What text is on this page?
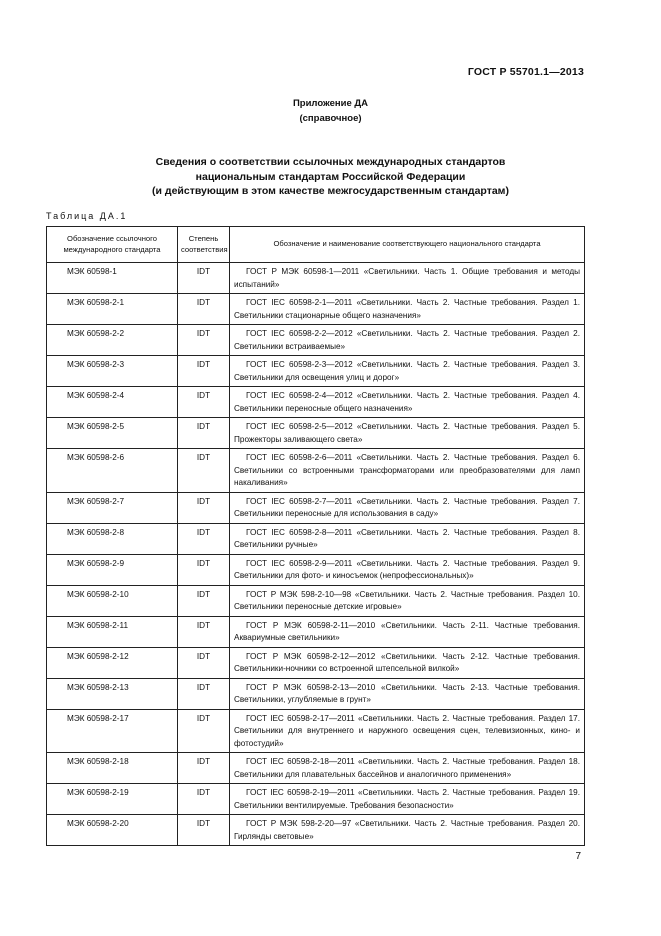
ГОСТ Р 55701.1—2013
Приложение ДА
(справочное)
Сведения о соответствии ссылочных международных стандартов
национальным стандартам Российской Федерации
(и действующим в этом качестве межгосударственным стандартам)
Таблица ДА.1
Обозначение ссылочного международного стандарта	Степень соответствия	Обозначение и наименование соответствующего национального стандарта
МЭК 60598-1	IDT	ГОСТ Р МЭК 60598-1—2011 «Светильники. Часть 1. Общие требования и методы испытаний»
МЭК 60598-2-1	IDT	ГОСТ IEC 60598-2-1—2011 «Светильники. Часть 2. Частные требования. Раздел 1. Светильники стационарные общего назначения»
МЭК 60598-2-2	IDT	ГОСТ IEC 60598-2-2—2012 «Светильники. Часть 2. Частные требования. Раздел 2. Светильники встраиваемые»
МЭК 60598-2-3	IDT	ГОСТ IEC 60598-2-3—2012 «Светильники. Часть 2. Частные требования. Раздел 3. Светильники для освещения улиц и дорог»
МЭК 60598-2-4	IDT	ГОСТ IEC 60598-2-4—2012 «Светильники. Часть 2. Частные требования. Раздел 4. Светильники переносные общего назначения»
МЭК 60598-2-5	IDT	ГОСТ IEC 60598-2-5—2012 «Светильники. Часть 2. Частные требования. Раздел 5. Прожекторы заливающего света»
МЭК 60598-2-6	IDT	ГОСТ IEC 60598-2-6—2011 «Светильники. Часть 2. Частные требования. Раздел 6. Светильники со встроенными трансформаторами или преобразователями для ламп накаливания»
МЭК 60598-2-7	IDT	ГОСТ IEC 60598-2-7—2011 «Светильники. Часть 2. Частные требования. Раздел 7. Светильники переносные для использования в саду»
МЭК 60598-2-8	IDT	ГОСТ IEC 60598-2-8—2011 «Светильники. Часть 2. Частные требования. Раздел 8. Светильники ручные»
МЭК 60598-2-9	IDT	ГОСТ IEC 60598-2-9—2011 «Светильники. Часть 2. Частные требования. Раздел 9. Светильники для фото- и киносъемок (непрофессиональных)»
МЭК 60598-2-10	IDT	ГОСТ Р МЭК 598-2-10—98 «Светильники. Часть 2. Частные требования. Раздел 10. Светильники переносные детские игровые»
МЭК 60598-2-11	IDT	ГОСТ Р МЭК 60598-2-11—2010 «Светильники. Часть 2-11. Частные требования. Аквариумные светильники»
МЭК 60598-2-12	IDT	ГОСТ Р МЭК 60598-2-12—2012 «Светильники. Часть 2-12. Частные требования. Светильники-ночники со встроенной штепсельной вилкой»
МЭК 60598-2-13	IDT	ГОСТ Р МЭК 60598-2-13—2010 «Светильники. Часть 2-13. Частные требования. Светильники, углубляемые в грунт»
МЭК 60598-2-17	IDT	ГОСТ IEC 60598-2-17—2011 «Светильники. Часть 2. Частные требования. Раздел 17. Светильники для внутреннего и наружного освещения сцен, телевизионных, кино- и фотостудий»
МЭК 60598-2-18	IDT	ГОСТ IEC 60598-2-18—2011 «Светильники. Часть 2. Частные требования. Раздел 18. Светильники для плавательных бассейнов и аналогичного применения»
МЭК 60598-2-19	IDT	ГОСТ IEC 60598-2-19—2011 «Светильники. Часть 2. Частные требования. Раздел 19. Светильники вентилируемые. Требования безопасности»
МЭК 60598-2-20	IDT	ГОСТ Р МЭК 598-2-20—97 «Светильники. Часть 2. Частные требования. Раздел 20. Гирлянды световые»
7
